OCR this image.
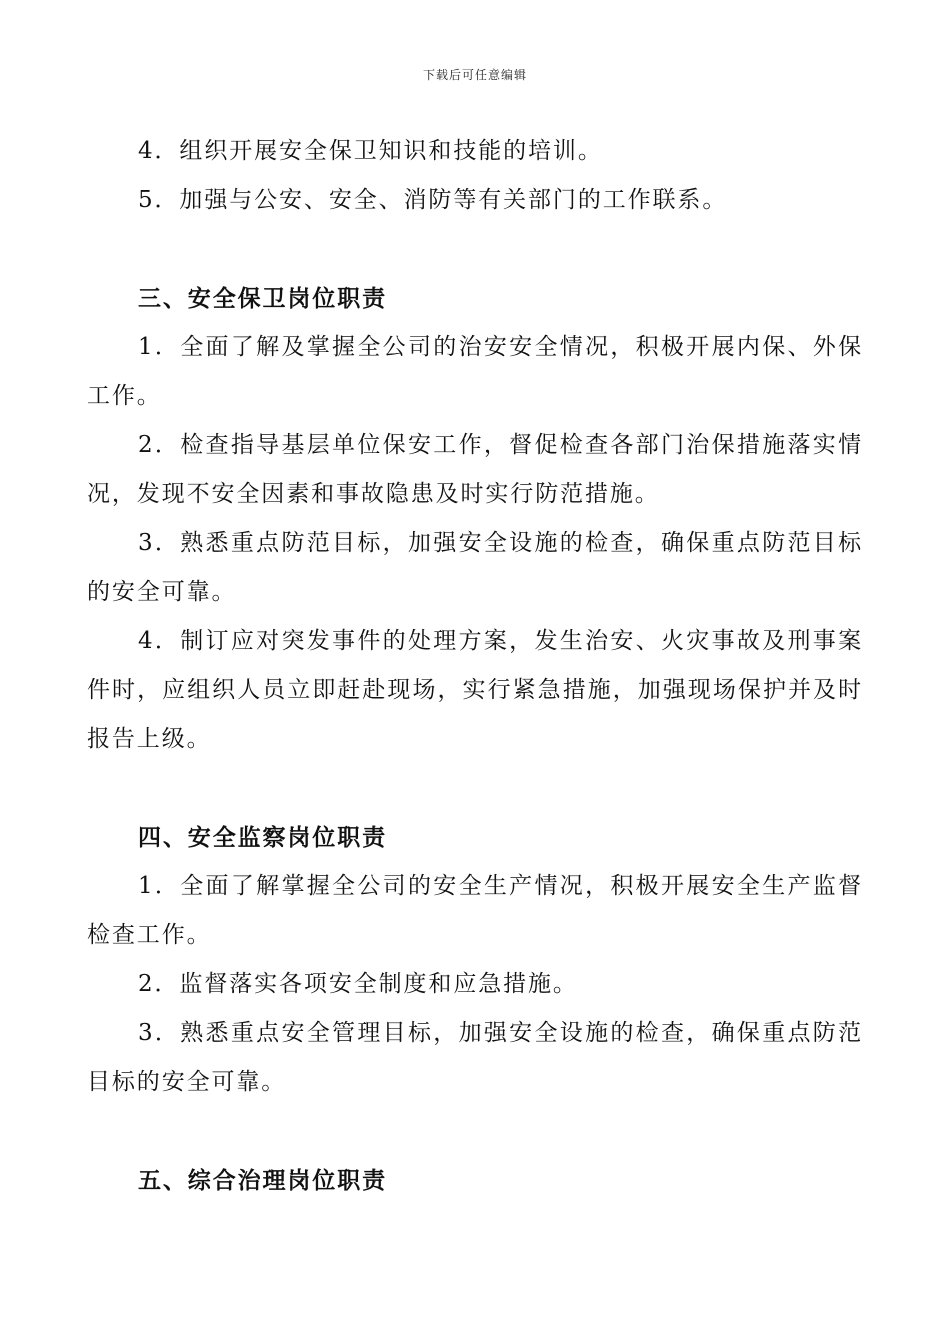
下载后可任意编辑

4．组织开展安全保卫知识和技能的培训。

5．加强与公安、安全、消防等有关部门的工作联系。

三、安全保卫岗位职责

1．全面了解及掌握全公司的治安安全情况，积极开展内保、外保工作。

2．检查指导基层单位保安工作，督促检查各部门治保措施落实情况，发现不安全因素和事故隐患及时实行防范措施。

3．熟悉重点防范目标，加强安全设施的检查，确保重点防范目标的安全可靠。

4．制订应对突发事件的处理方案，发生治安、火灾事故及刑事案件时，应组织人员立即赶赴现场，实行紧急措施，加强现场保护并及时报告上级。

四、安全监察岗位职责

1．全面了解掌握全公司的安全生产情况，积极开展安全生产监督检查工作。

2．监督落实各项安全制度和应急措施。

3．熟悉重点安全管理目标，加强安全设施的检查，确保重点防范目标的安全可靠。

五、综合治理岗位职责
